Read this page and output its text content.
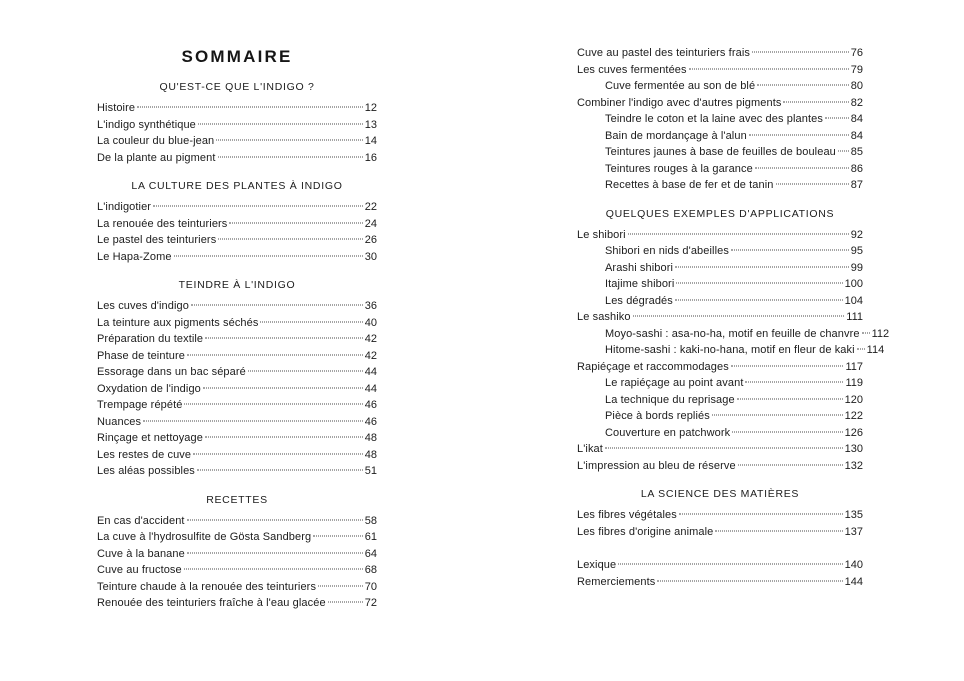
SOMMAIRE
QU'EST-CE QUE L'INDIGO ?
Histoire	12
L'indigo synthétique	13
La couleur du blue-jean	14
De la plante au pigment	16
LA CULTURE DES PLANTES À INDIGO
L'indigotier	22
La renouée des teinturiers	24
Le pastel des teinturiers	26
Le Hapa-Zome	30
TEINDRE À L'INDIGO
Les cuves d'indigo	36
La teinture aux pigments séchés	40
Préparation du textile	42
Phase de teinture	42
Essorage dans un bac séparé	44
Oxydation de l'indigo	44
Trempage répété	46
Nuances	46
Rinçage et nettoyage	48
Les restes de cuve	48
Les aléas possibles	51
RECETTES
En cas d'accident	58
La cuve à l'hydrosulfite de Gösta Sandberg	61
Cuve à la banane	64
Cuve au fructose	68
Teinture chaude à la renouée des teinturiers	70
Renouée des teinturiers fraîche à l'eau glacée	72
Cuve au pastel des teinturiers frais	76
Les cuves fermentées	79
Cuve fermentée au son de blé	80
Combiner l'indigo avec d'autres pigments	82
Teindre le coton et la laine avec des plantes	84
Bain de mordançage à l'alun	84
Teintures jaunes à base de feuilles de bouleau 85
Teintures rouges à la garance	86
Recettes à base de fer et de tanin	87
QUELQUES EXEMPLES D'APPLICATIONS
Le shibori	92
Shibori en nids d'abeilles	95
Arashi shibori	99
Itajime shibori	100
Les dégradés	104
Le sashiko	111
Moyo-sashi : asa-no-ha, motif en feuille de chanvre 112
Hitome-sashi : kaki-no-hana, motif en fleur de kaki 114
Rapiéçage et raccommodages	117
Le rapiéçage au point avant	119
La technique du reprisage	120
Pièce à bords repliés	122
Couverture en patchwork	126
L'ikat	130
L'impression au bleu de réserve	132
LA SCIENCE DES MATIÈRES
Les fibres végétales	135
Les fibres d'origine animale	137
Lexique	140
Remerciements	144
